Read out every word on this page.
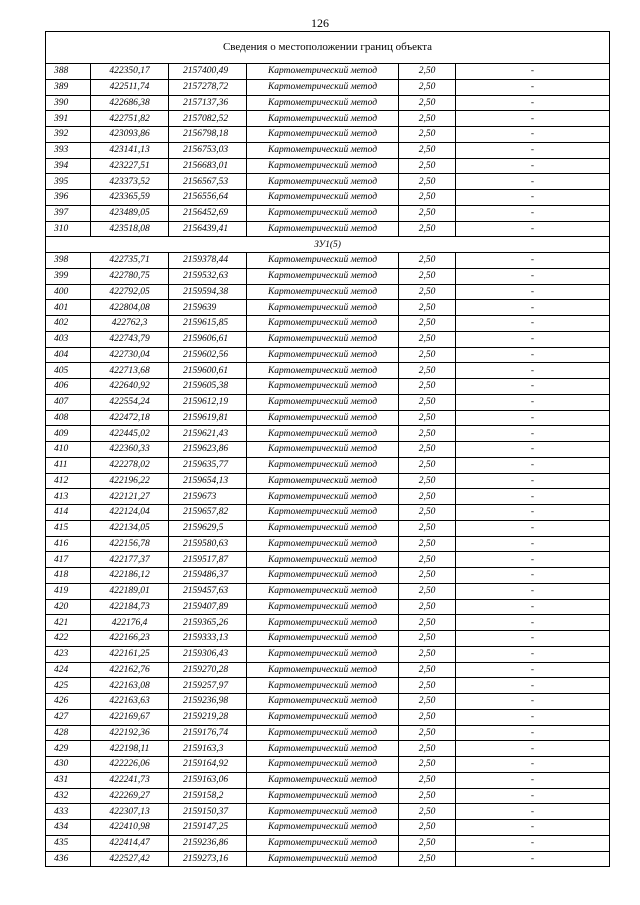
126
Сведения о местоположении границ объекта					
388	422350,17	2157400,49	Картометрический метод	2,50	-
389	422511,74	2157278,72	Картометрический метод	2,50	-
390	422686,38	2157137,36	Картометрический метод	2,50	-
391	422751,82	2157082,52	Картометрический метод	2,50	-
392	423093,86	2156798,18	Картометрический метод	2,50	-
393	423141,13	2156753,03	Картометрический метод	2,50	-
394	423227,51	2156683,01	Картометрический метод	2,50	-
395	423373,52	2156567,53	Картометрический метод	2,50	-
396	423365,59	2156556,64	Картометрический метод	2,50	-
397	423489,05	2156452,69	Картометрический метод	2,50	-
310	423518,08	2156439,41	Картометрический метод	2,50	-
ЗУ1(5)					
398	422735,71	2159378,44	Картометрический метод	2,50	-
399	422780,75	2159532,63	Картометрический метод	2,50	-
400	422792,05	2159594,38	Картометрический метод	2,50	-
401	422804,08	2159639	Картометрический метод	2,50	-
402	422762,3	2159615,85	Картометрический метод	2,50	-
403	422743,79	2159606,61	Картометрический метод	2,50	-
404	422730,04	2159602,56	Картометрический метод	2,50	-
405	422713,68	2159600,61	Картометрический метод	2,50	-
406	422640,92	2159605,38	Картометрический метод	2,50	-
407	422554,24	2159612,19	Картометрический метод	2,50	-
408	422472,18	2159619,81	Картометрический метод	2,50	-
409	422445,02	2159621,43	Картометрический метод	2,50	-
410	422360,33	2159623,86	Картометрический метод	2,50	-
411	422278,02	2159635,77	Картометрический метод	2,50	-
412	422196,22	2159654,13	Картометрический метод	2,50	-
413	422121,27	2159673	Картометрический метод	2,50	-
414	422124,04	2159657,82	Картометрический метод	2,50	-
415	422134,05	2159629,5	Картометрический метод	2,50	-
416	422156,78	2159580,63	Картометрический метод	2,50	-
417	422177,37	2159517,87	Картометрический метод	2,50	-
418	422186,12	2159486,37	Картометрический метод	2,50	-
419	422189,01	2159457,63	Картометрический метод	2,50	-
420	422184,73	2159407,89	Картометрический метод	2,50	-
421	422176,4	2159365,26	Картометрический метод	2,50	-
422	422166,23	2159333,13	Картометрический метод	2,50	-
423	422161,25	2159306,43	Картометрический метод	2,50	-
424	422162,76	2159270,28	Картометрический метод	2,50	-
425	422163,08	2159257,97	Картометрический метод	2,50	-
426	422163,63	2159236,98	Картометрический метод	2,50	-
427	422169,67	2159219,28	Картометрический метод	2,50	-
428	422192,36	2159176,74	Картометрический метод	2,50	-
429	422198,11	2159163,3	Картометрический метод	2,50	-
430	422226,06	2159164,92	Картометрический метод	2,50	-
431	422241,73	2159163,06	Картометрический метод	2,50	-
432	422269,27	2159158,2	Картометрический метод	2,50	-
433	422307,13	2159150,37	Картометрический метод	2,50	-
434	422410,98	2159147,25	Картометрический метод	2,50	-
435	422414,47	2159236,86	Картометрический метод	2,50	-
436	422527,42	2159273,16	Картометрический метод	2,50	-
